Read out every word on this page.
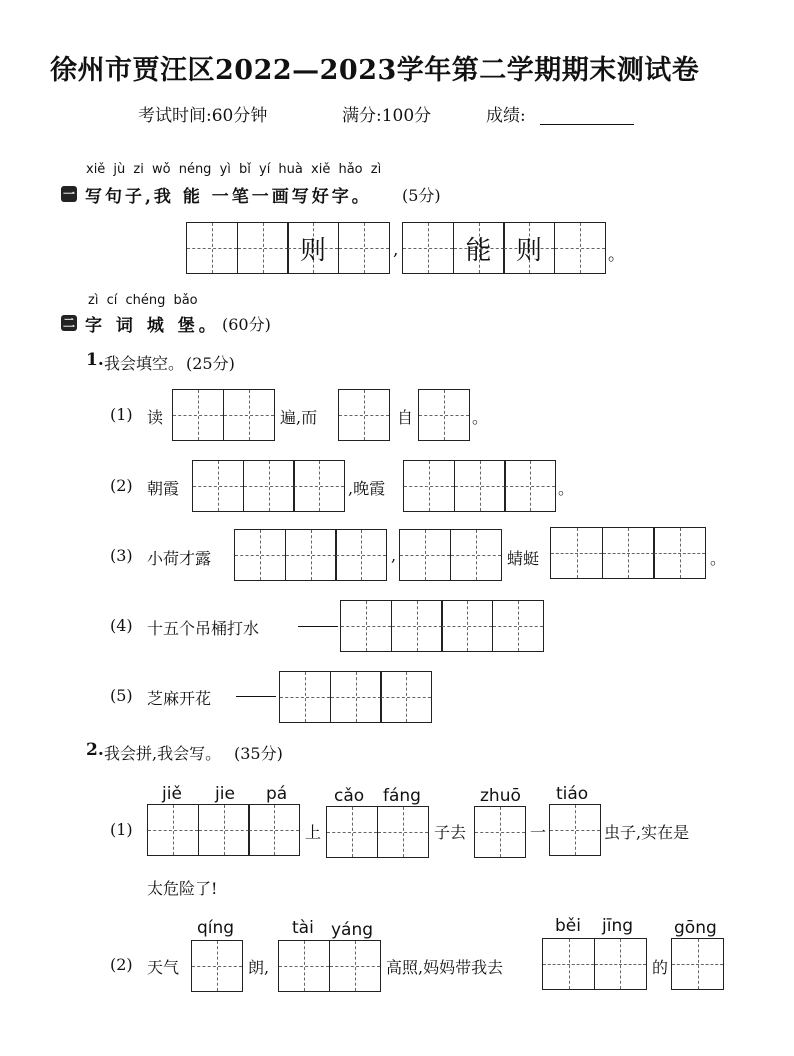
徐州市贾汪区2022—2023学年第二学期期末测试卷
考试时间:60分钟	满分:100分	成绩:
xiě jù zi wǒ néng yì bǐ yí huà xiě hǎo zì
一 写句子,我 能 一笔一画写好字。 (5分)
则	,	能 则	。
zì cí chéng bǎo
二 字 词 城 堡。 (60分)
1. 我会填空。 (25分)
(1) 读	遍,而	自	。
(2) 朝霞	,晚霞	。
(3) 小荷才露	,	蜻蜓	。
(4) 十五个吊桶打水
(5) 芝麻开花
2. 我会拼,我会写。 (35分)
jiě jie pá	cǎo fáng	zhuō tiáo
(1)	上	子去	一	虫子,实在是
太危险了!
qíng	tài yáng	běi jīng gōng
(2) 天气	朗,	高照,妈妈带我去	的
